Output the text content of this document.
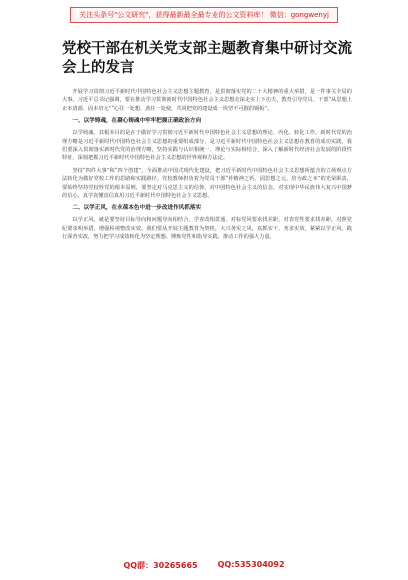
关注头条号"公文研究"，获得最新最全最专业的公文资料库！ 微信：gongwenyj
党校干部在机关党支部主题教育集中研讨交流会上的发言

开展学习贯彻习近平新时代中国特色社会主义思想主题教育，是贯彻落实党的二十大精神的重大举措，是一件事关全局的大事。习近平总书记强调，要在推动学习贯彻新时代中国特色社会主义思想走深走实上下功夫，教育引导党员、干部“从思想上正本清源、固本培元”“心往一处想、劲往一处使，共同把党的建设成一块坚不可摧的钢板”。

一、以学铸魂，在凝心铸魂中牢牢把握正确政治方向

以学铸魂，其根本目的是在于做好学习贯彻习近平新时代中国特色社会主义思想的理论、内化、转化工作。新时代党的治理方略是习近平新时代中国特色社会主义思想的重要组成部分，是习近平新时代中国特色社会主义思想在教育的成功实践，我们要深入贯彻落实新时代党的治理方略，坚持实践与认识相统一、理论与实际相结合，深入了解新时代经济社会发展的阶段性特征，深刻把握习近平新时代中国特色社会主义思想的世界观和方法论。

坚持“四件大事”和“四个创建”，全面推动中国式现代化建设，把习近平新时代中国特色社会主义思想所蕴含的立场观点方法转化为做好党校工作的思路和实践路径。党校教师担负着为党员干部“补精神之钙、固思想之元、培为政之本”的光荣职责，要始终坚持党校姓党的根本原则，要坚定对马克思主义的信仰，对中国特色社会主义的信念，对实现中华民族伟大复兴中国梦的信心，真学真懂真信真用习近平新时代中国特色社会主义思想。

二、以学正风，在永葆本色中进一步改进作风抓落实

以学正风，就是要坚持目标导向和问题导向相结合，学查改相贯通，对标党风要求找差距，对表党性要求找差距，对照党纪要求明举措，增强检视整改实效。我们要从开展主题教育为契机，大兴务实之风，真抓实干、务求实效，紧紧以学正风，践行深查实改，努力把学习成效转化为坚定理想、锤炼党性和指导实践、推动工作的强大力量。

QQ群：30265665	QQ:535304092
